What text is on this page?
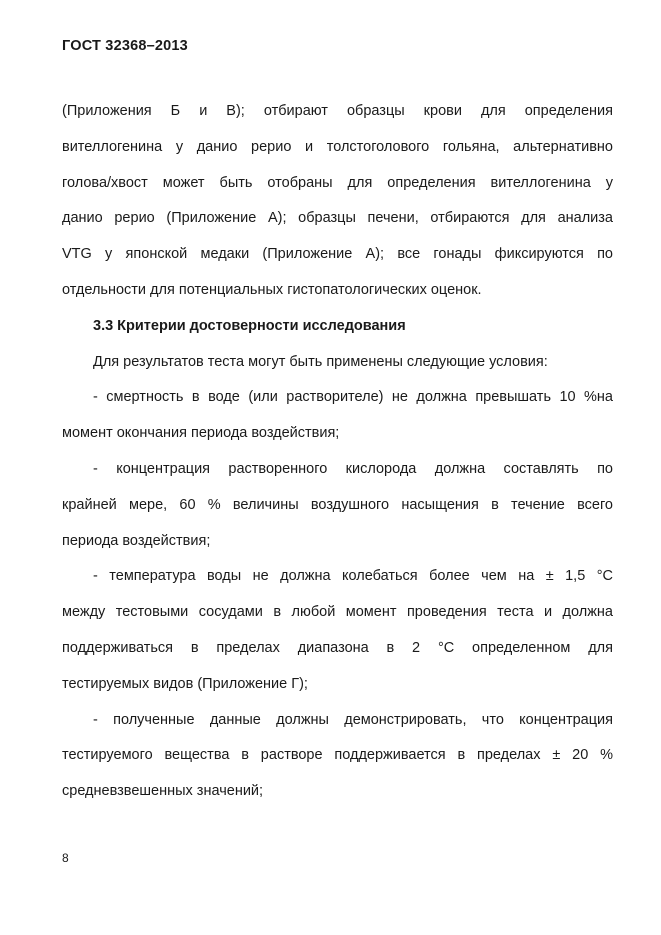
ГОСТ 32368–2013
(Приложения Б и В); отбирают образцы крови для определения
вителлогенина у данио рерио и толстоголового гольяна, альтернативно
голова/хвост может быть отобраны для определения вителлогенина у
данио рерио (Приложение А); образцы печени, отбираются для анализа
VTG у японской медаки (Приложение А); все гонады фиксируются по
отдельности для потенциальных гистопатологических оценок.
3.3 Критерии достоверности исследования
Для результатов теста могут быть применены следующие условия:
- смертность в воде (или растворителе) не должна превышать 10 %на
момент окончания периода воздействия;
- концентрация растворенного кислорода должна составлять по
крайней мере, 60 % величины воздушного насыщения в течение всего
периода воздействия;
- температура воды не должна колебаться более чем на ± 1,5 °С
между тестовыми сосудами в любой момент проведения теста и должна
поддерживаться в пределах диапазона в 2 °С определенном для
тестируемых видов (Приложение Г);
- полученные данные должны демонстрировать, что концентрация
тестируемого вещества в растворе поддерживается в пределах ± 20 %
средневзвешенных значений;
8
